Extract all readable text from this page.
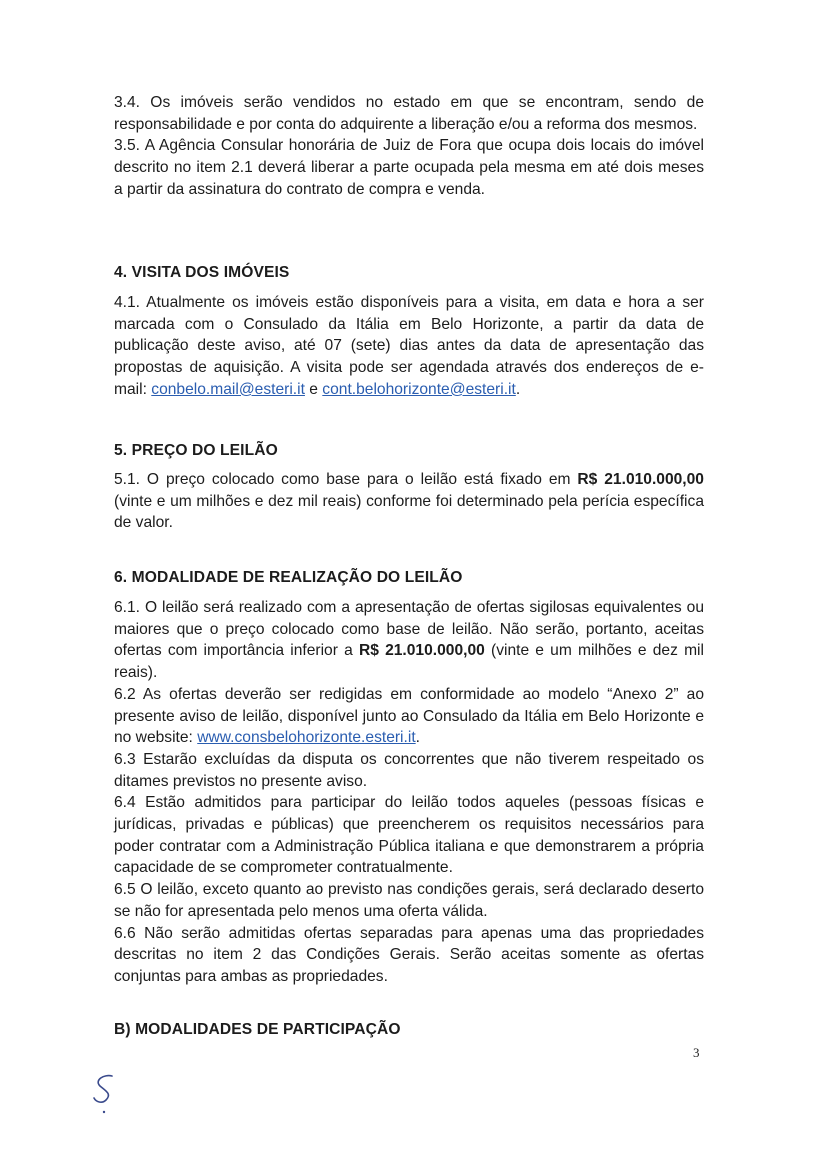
3.4. Os imóveis serão vendidos no estado em que se encontram, sendo de responsabilidade e por conta do adquirente a liberação e/ou a reforma dos mesmos.

3.5. A Agência Consular honorária de Juiz de Fora que ocupa dois locais do imóvel descrito no item 2.1 deverá liberar a parte ocupada pela mesma em até dois meses a partir da assinatura do contrato de compra e venda.

4. VISITA DOS IMÓVEIS

4.1. Atualmente os imóveis estão disponíveis para a visita, em data e hora a ser marcada com o Consulado da Itália em Belo Horizonte, a partir da data de publicação deste aviso, até 07 (sete) dias antes da data de apresentação das propostas de aquisição. A visita pode ser agendada através dos endereços de e-mail: conbelo.mail@esteri.it e cont.belohorizonte@esteri.it.

5. PREÇO DO LEILÃO

5.1. O preço colocado como base para o leilão está fixado em R$ 21.010.000,00 (vinte e um milhões e dez mil reais) conforme foi determinado pela perícia específica de valor.

6. MODALIDADE DE REALIZAÇÃO DO LEILÃO

6.1. O leilão será realizado com a apresentação de ofertas sigilosas equivalentes ou maiores que o preço colocado como base de leilão. Não serão, portanto, aceitas ofertas com importância inferior a R$ 21.010.000,00 (vinte e um milhões e dez mil reais).

6.2 As ofertas deverão ser redigidas em conformidade ao modelo “Anexo 2” ao presente aviso de leilão, disponível junto ao Consulado da Itália em Belo Horizonte e no website: www.consbelohorizonte.esteri.it.

6.3 Estarão excluídas da disputa os concorrentes que não tiverem respeitado os ditames previstos no presente aviso.

6.4 Estão admitidos para participar do leilão todos aqueles (pessoas físicas e jurídicas, privadas e públicas) que preencherem os requisitos necessários para poder contratar com a Administração Pública italiana e que demonstrarem a própria capacidade de se comprometer contratualmente.

6.5 O leilão, exceto quanto ao previsto nas condições gerais, será declarado deserto se não for apresentada pelo menos uma oferta válida.

6.6 Não serão admitidas ofertas separadas para apenas uma das propriedades descritas no item 2 das Condições Gerais. Serão aceitas somente as ofertas conjuntas para ambas as propriedades.

B) MODALIDADES DE PARTICIPAÇÃO
3
